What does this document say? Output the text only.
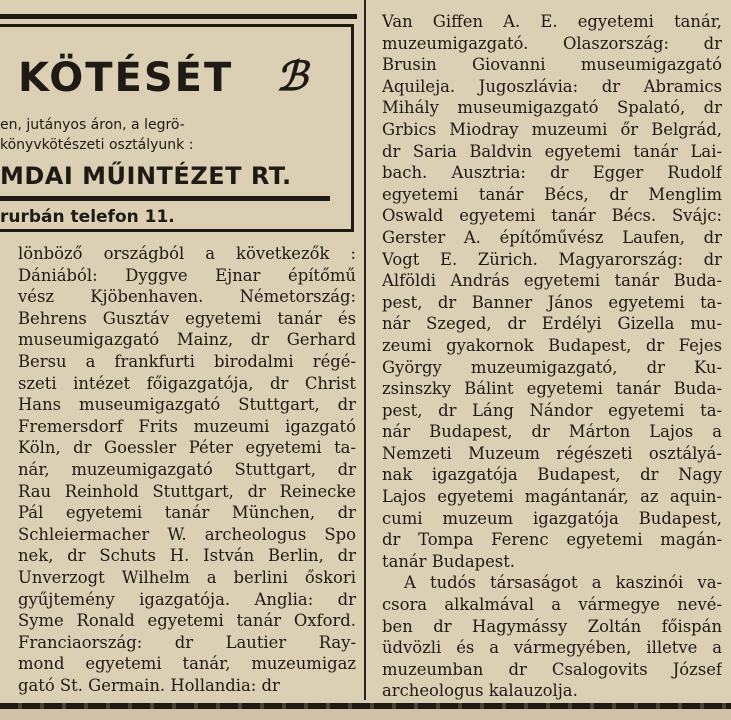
KÖTÉSÉT	ℬ
en, jutányos áron, a legrö-
könyvkötészeti osztályunk :
MDAI MŰINTÉZET RT.
rurbán telefon 11.
lönböző országból a következők :
Dániából: Dyggve Ejnar építőmű
vész Kjöbenhaven. Németország:
Behrens Gusztáv egyetemi tanár és
museumigazgató Mainz, dr Gerhard
Bersu a frankfurti birodalmi régé-
szeti intézet főigazgatója, dr Christ
Hans museumigazgató Stuttgart, dr
Fremersdorf Frits muzeumi igazgató
Köln, dr Goessler Péter egyetemi ta-
nár, muzeumigazgató Stuttgart, dr
Rau Reinhold Stuttgart, dr Reinecke
Pál egyetemi tanár München, dr
Schleiermacher W. archeologus Spo
nek, dr Schuts H. István Berlin, dr
Unverzogt Wilhelm a berlini őskori
gyűjtemény igazgatója. Anglia: dr
Syme Ronald egyetemi tanár Oxford.
Franciaország: dr Lautier Ray-
mond egyetemi tanár, muzeumigaz
gató St. Germain. Hollandia: dr
Van Giffen A. E. egyetemi tanár,
muzeumigazgató. Olaszország: dr
Brusin Giovanni museumigazgató
Aquileja. Jugoszlávia: dr Abramics
Mihály museumigazgató Spalató, dr
Grbics Miodray muzeumi őr Belgrád,
dr Saria Baldvin egyetemi tanár Lai-
bach. Ausztria: dr Egger Rudolf
egyetemi tanár Bécs, dr Menglim
Oswald egyetemi tanár Bécs. Svájc:
Gerster A. építőművész Laufen, dr
Vogt E. Zürich. Magyarország: dr
Alföldi András egyetemi tanár Buda-
pest, dr Banner János egyetemi ta-
nár Szeged, dr Erdélyi Gizella mu-
zeumi gyakornok Budapest, dr Fejes
György muzeumigazgató, dr Ku-
zsinszky Bálint egyetemi tanár Buda-
pest, dr Láng Nándor egyetemi ta-
nár Budapest, dr Márton Lajos a
Nemzeti Muzeum régészeti osztályá-
nak igazgatója Budapest, dr Nagy
Lajos egyetemi magántanár, az aquin-
cumi muzeum igazgatója Budapest,
dr Tompa Ferenc egyetemi magán-
tanár Budapest.
A tudós társaságot a kaszinói va-
csora alkalmával a vármegye nevé-
ben dr Hagymássy Zoltán főispán
üdvözli és a vármegyében, illetve a
muzeumban dr Csalogovits József
archeologus kalauzolja.
